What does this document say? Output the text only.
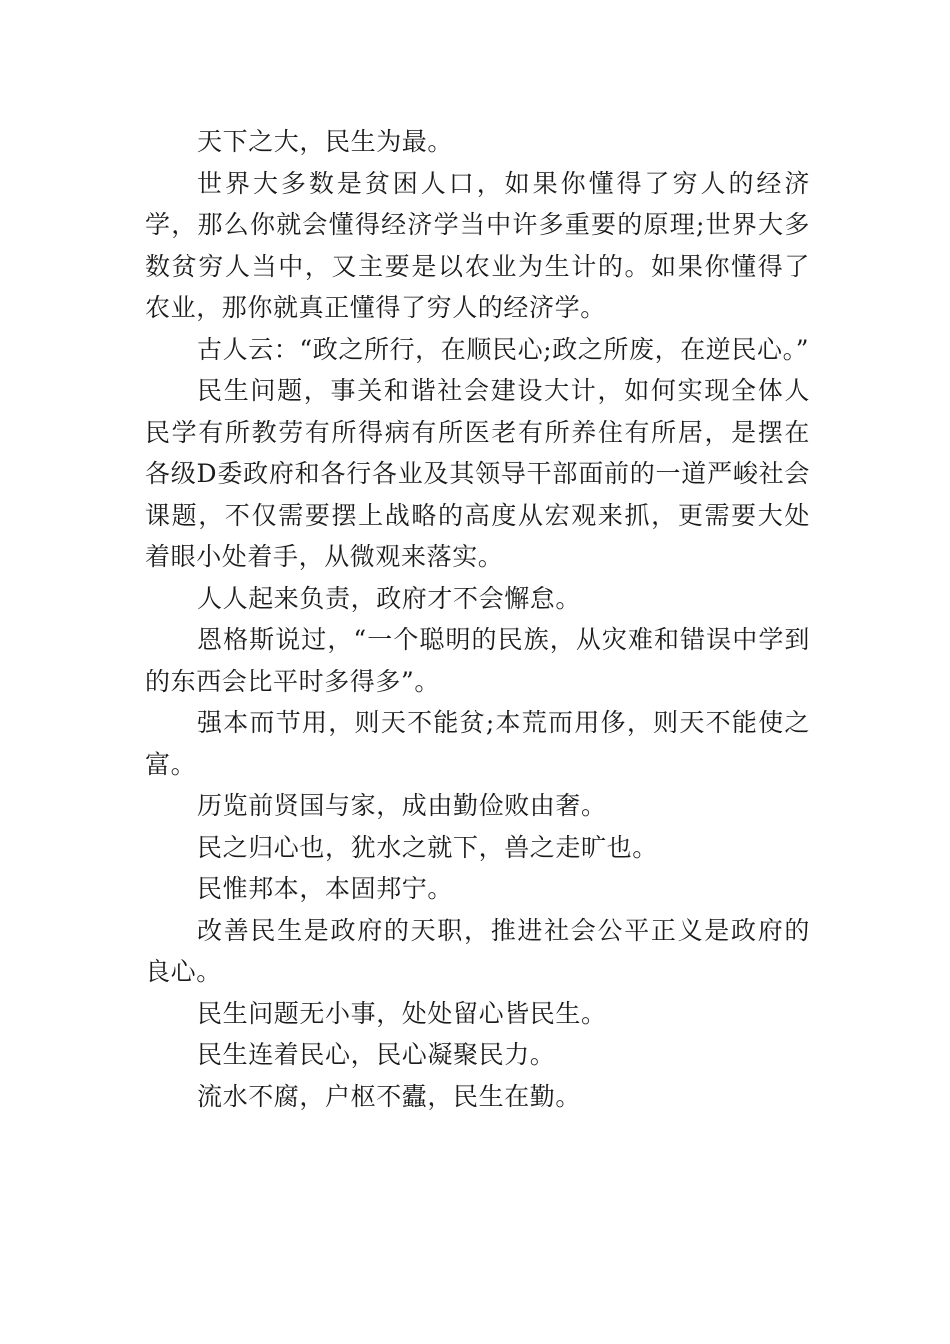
天下之大，民生为最。

世界大多数是贫困人口，如果你懂得了穷人的经济学，那么你就会懂得经济学当中许多重要的原理;世界大多数贫穷人当中，又主要是以农业为生计的。如果你懂得了农业，那你就真正懂得了穷人的经济学。

古人云：“政之所行，在顺民心;政之所废，在逆民心。”

民生问题，事关和谐社会建设大计，如何实现全体人民学有所教劳有所得病有所医老有所养住有所居，是摆在各级D委政府和各行各业及其领导干部面前的一道严峻社会课题，不仅需要摆上战略的高度从宏观来抓，更需要大处着眼小处着手，从微观来落实。

人人起来负责，政府才不会懈怠。

恩格斯说过，“一个聪明的民族，从灾难和错误中学到的东西会比平时多得多”。

强本而节用，则天不能贫;本荒而用侈，则天不能使之富。

历览前贤国与家，成由勤俭败由奢。

民之归心也，犹水之就下，兽之走旷也。

民惟邦本，本固邦宁。

改善民生是政府的天职，推进社会公平正义是政府的良心。

民生问题无小事，处处留心皆民生。

民生连着民心，民心凝聚民力。

流水不腐，户枢不蠹，民生在勤。
